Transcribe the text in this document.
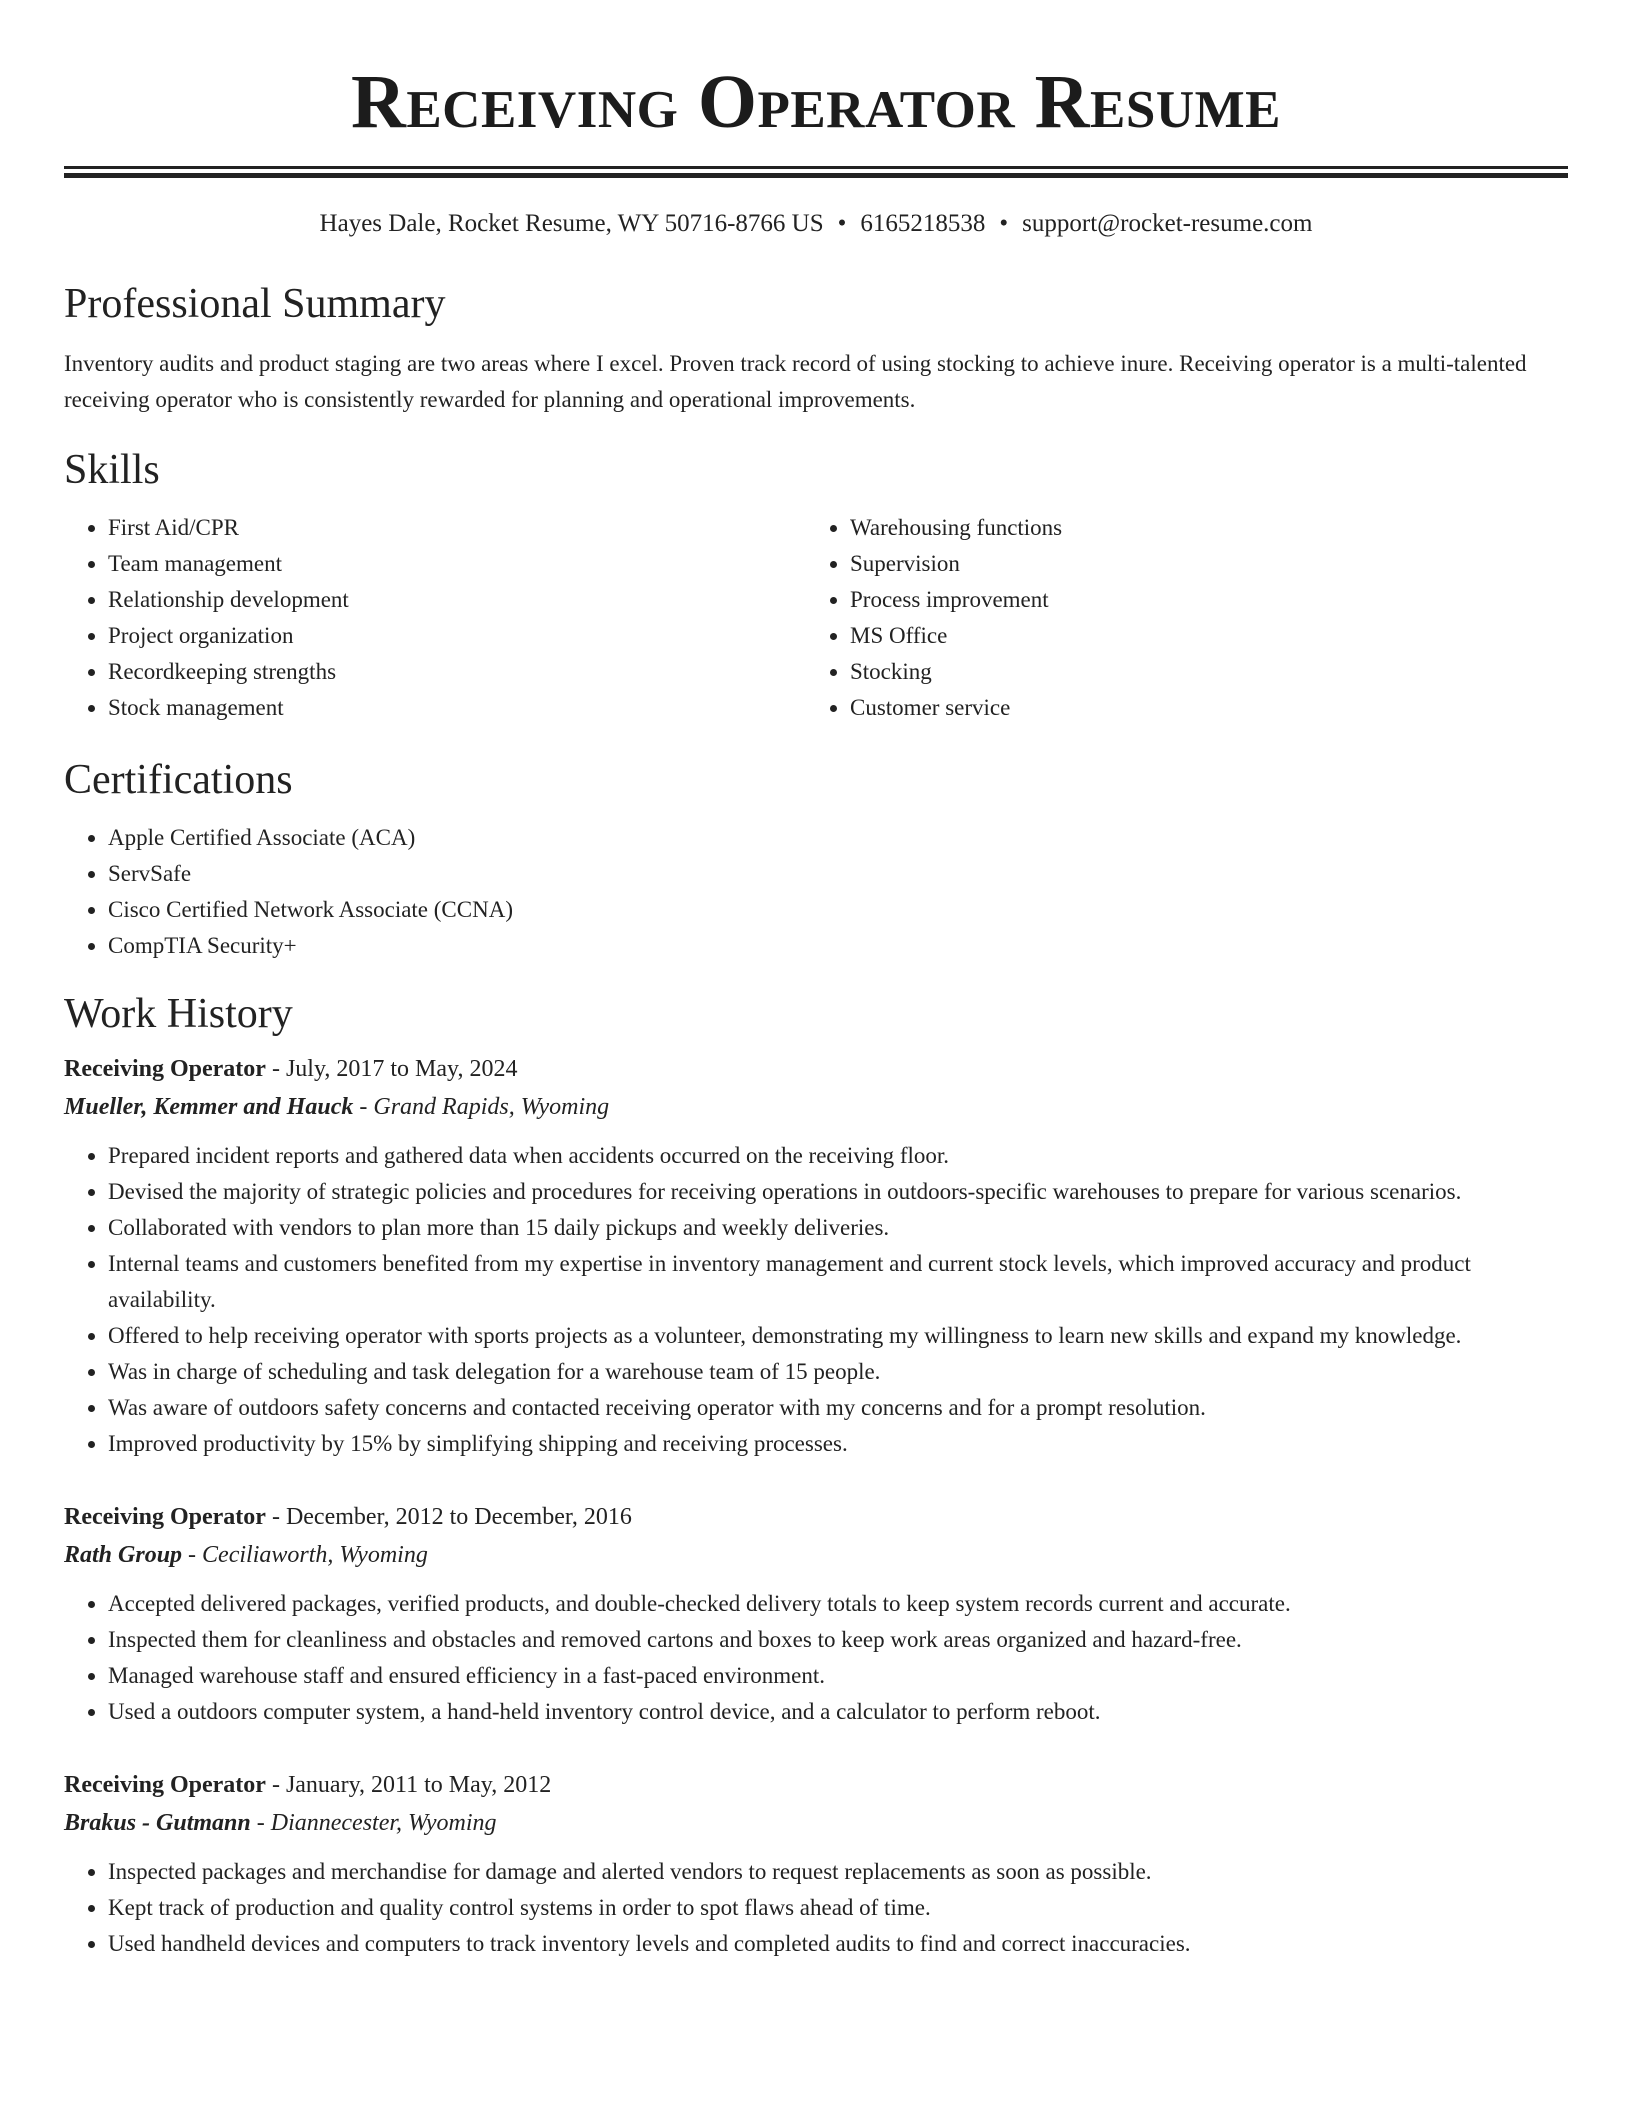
Receiving Operator Resume
Hayes Dale, Rocket Resume, WY 50716-8766 US • 6165218538 • support@rocket-resume.com
Professional Summary
Inventory audits and product staging are two areas where I excel. Proven track record of using stocking to achieve inure. Receiving operator is a multi-talented receiving operator who is consistently rewarded for planning and operational improvements.
Skills
• First Aid/CPR
• Team management
• Relationship development
• Project organization
• Recordkeeping strengths
• Stock management
• Warehousing functions
• Supervision
• Process improvement
• MS Office
• Stocking
• Customer service
Certifications
• Apple Certified Associate (ACA)
• ServSafe
• Cisco Certified Network Associate (CCNA)
• CompTIA Security+
Work History
Receiving Operator - July, 2017 to May, 2024
Mueller, Kemmer and Hauck - Grand Rapids, Wyoming
• Prepared incident reports and gathered data when accidents occurred on the receiving floor.
• Devised the majority of strategic policies and procedures for receiving operations in outdoors-specific warehouses to prepare for various scenarios.
• Collaborated with vendors to plan more than 15 daily pickups and weekly deliveries.
• Internal teams and customers benefited from my expertise in inventory management and current stock levels, which improved accuracy and product availability.
• Offered to help receiving operator with sports projects as a volunteer, demonstrating my willingness to learn new skills and expand my knowledge.
• Was in charge of scheduling and task delegation for a warehouse team of 15 people.
• Was aware of outdoors safety concerns and contacted receiving operator with my concerns and for a prompt resolution.
• Improved productivity by 15% by simplifying shipping and receiving processes.
Receiving Operator - December, 2012 to December, 2016
Rath Group - Ceciliaworth, Wyoming
• Accepted delivered packages, verified products, and double-checked delivery totals to keep system records current and accurate.
• Inspected them for cleanliness and obstacles and removed cartons and boxes to keep work areas organized and hazard-free.
• Managed warehouse staff and ensured efficiency in a fast-paced environment.
• Used a outdoors computer system, a hand-held inventory control device, and a calculator to perform reboot.
Receiving Operator - January, 2011 to May, 2012
Brakus - Gutmann - Diannecester, Wyoming
• Inspected packages and merchandise for damage and alerted vendors to request replacements as soon as possible.
• Kept track of production and quality control systems in order to spot flaws ahead of time.
• Used handheld devices and computers to track inventory levels and completed audits to find and correct inaccuracies.
